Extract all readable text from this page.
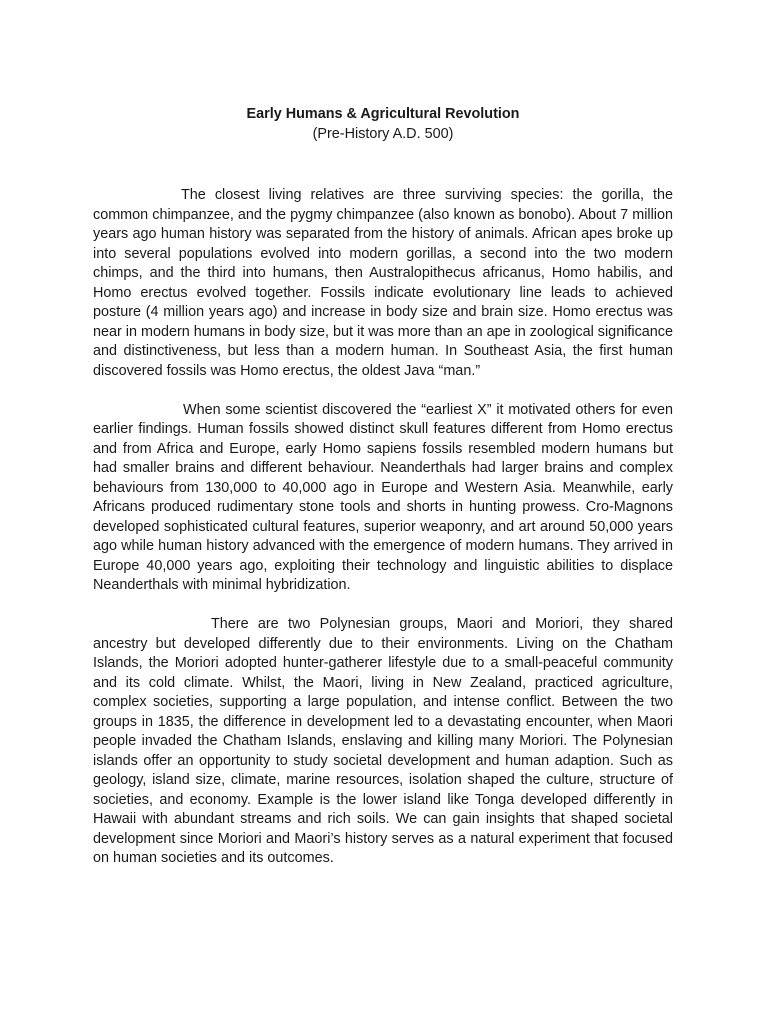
Early Humans & Agricultural Revolution

(Pre-History A.D. 500)

The closest living relatives are three surviving species: the gorilla, the common chimpanzee, and the pygmy chimpanzee (also known as bonobo). About 7 million years ago human history was separated from the history of animals. African apes broke up into several populations evolved into modern gorillas, a second into the two modern chimps, and the third into humans, then Australopithecus africanus, Homo habilis, and Homo erectus evolved together. Fossils indicate evolutionary line leads to achieved posture (4 million years ago) and increase in body size and brain size. Homo erectus was near in modern humans in body size, but it was more than an ape in zoological significance and distinctiveness, but less than a modern human. In Southeast Asia, the first human discovered fossils was Homo erectus, the oldest Java “man.”

When some scientist discovered the “earliest X” it motivated others for even earlier findings. Human fossils showed distinct skull features different from Homo erectus and from Africa and Europe, early Homo sapiens fossils resembled modern humans but had smaller brains and different behaviour. Neanderthals had larger brains and complex behaviours from 130,000 to 40,000 ago in Europe and Western Asia. Meanwhile, early Africans produced rudimentary stone tools and shorts in hunting prowess. Cro-Magnons developed sophisticated cultural features, superior weaponry, and art around 50,000 years ago while human history advanced with the emergence of modern humans. They arrived in Europe 40,000 years ago, exploiting their technology and linguistic abilities to displace Neanderthals with minimal hybridization.

There are two Polynesian groups, Maori and Moriori, they shared ancestry but developed differently due to their environments. Living on the Chatham Islands, the Moriori adopted hunter-gatherer lifestyle due to a small-peaceful community and its cold climate. Whilst, the Maori, living in New Zealand, practiced agriculture, complex societies, supporting a large population, and intense conflict. Between the two groups in 1835, the difference in development led to a devastating encounter, when Maori people invaded the Chatham Islands, enslaving and killing many Moriori. The Polynesian islands offer an opportunity to study societal development and human adaption. Such as geology, island size, climate, marine resources, isolation shaped the culture, structure of societies, and economy. Example is the lower island like Tonga developed differently in Hawaii with abundant streams and rich soils. We can gain insights that shaped societal development since Moriori and Maori’s history serves as a natural experiment that focused on human societies and its outcomes.
